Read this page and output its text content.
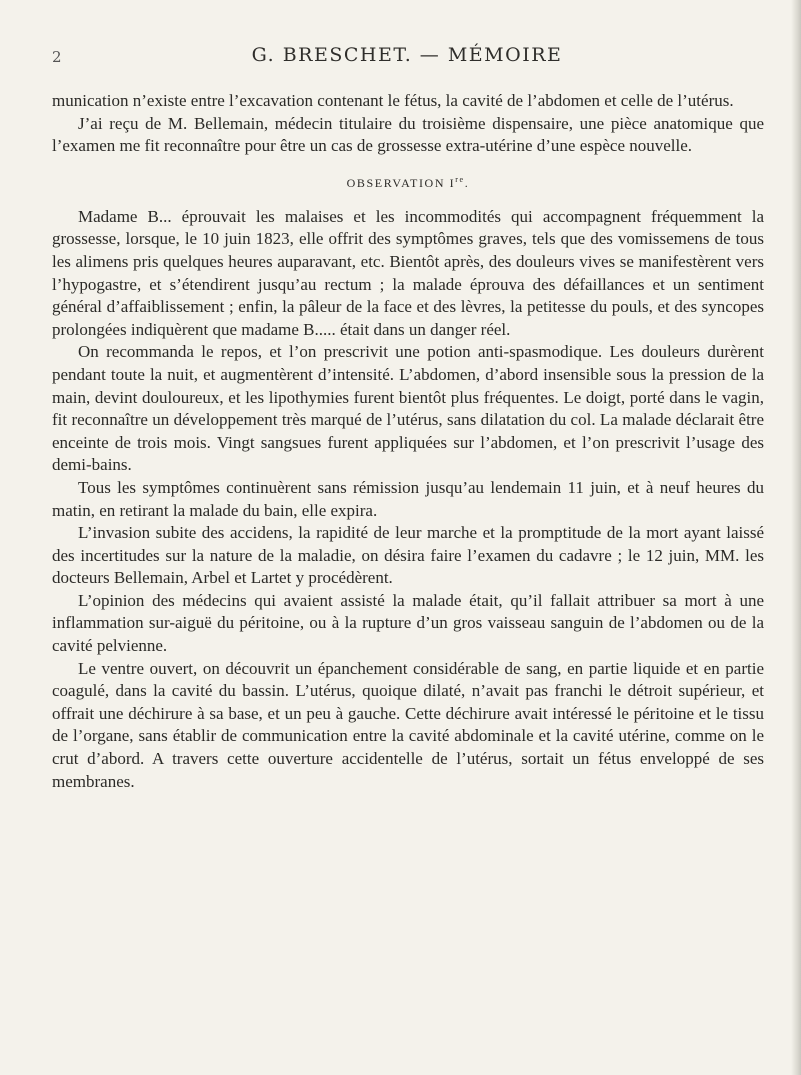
2	G. BRESCHET. — MÉMOIRE

munication n’existe entre l’excavation contenant le fétus, la cavité de l’abdomen et celle de l’utérus.

J’ai reçu de M. Bellemain, médecin titulaire du troisième dispensaire, une pièce anatomique que l’examen me fit reconnaître pour être un cas de grossesse extra-utérine d’une espèce nouvelle.

OBSERVATION Ire.

Madame B... éprouvait les malaises et les incommodités qui accompagnent fréquemment la grossesse, lorsque, le 10 juin 1823, elle offrit des symptômes graves, tels que des vomissemens de tous les alimens pris quelques heures auparavant, etc. Bientôt après, des douleurs vives se manifestèrent vers l’hypogastre, et s’étendirent jusqu’au rectum ; la malade éprouva des défaillances et un sentiment général d’affaiblissement ; enfin, la pâleur de la face et des lèvres, la petitesse du pouls, et des syncopes prolongées indiquèrent que madame B..... était dans un danger réel.

On recommanda le repos, et l’on prescrivit une potion anti-spasmodique. Les douleurs durèrent pendant toute la nuit, et augmentèrent d’intensité. L’abdomen, d’abord insensible sous la pression de la main, devint douloureux, et les lipothymies furent bientôt plus fréquentes. Le doigt, porté dans le vagin, fit reconnaître un développement très marqué de l’utérus, sans dilatation du col. La malade déclarait être enceinte de trois mois. Vingt sangsues furent appliquées sur l’abdomen, et l’on prescrivit l’usage des demi-bains.

Tous les symptômes continuèrent sans rémission jusqu’au lendemain 11 juin, et à neuf heures du matin, en retirant la malade du bain, elle expira.

L’invasion subite des accidens, la rapidité de leur marche et la promptitude de la mort ayant laissé des incertitudes sur la nature de la maladie, on désira faire l’examen du cadavre ; le 12 juin, MM. les docteurs Bellemain, Arbel et Lartet y procédèrent.

L’opinion des médecins qui avaient assisté la malade était, qu’il fallait attribuer sa mort à une inflammation sur-aiguë du péritoine, ou à la rupture d’un gros vaisseau sanguin de l’abdomen ou de la cavité pelvienne.

Le ventre ouvert, on découvrit un épanchement considérable de sang, en partie liquide et en partie coagulé, dans la cavité du bassin. L’utérus, quoique dilaté, n’avait pas franchi le détroit supérieur, et offrait une déchirure à sa base, et un peu à gauche. Cette déchirure avait intéressé le péritoine et le tissu de l’organe, sans établir de communication entre la cavité abdominale et la cavité utérine, comme on le crut d’abord. A travers cette ouverture accidentelle de l’utérus, sortait un fétus enveloppé de ses membranes.
